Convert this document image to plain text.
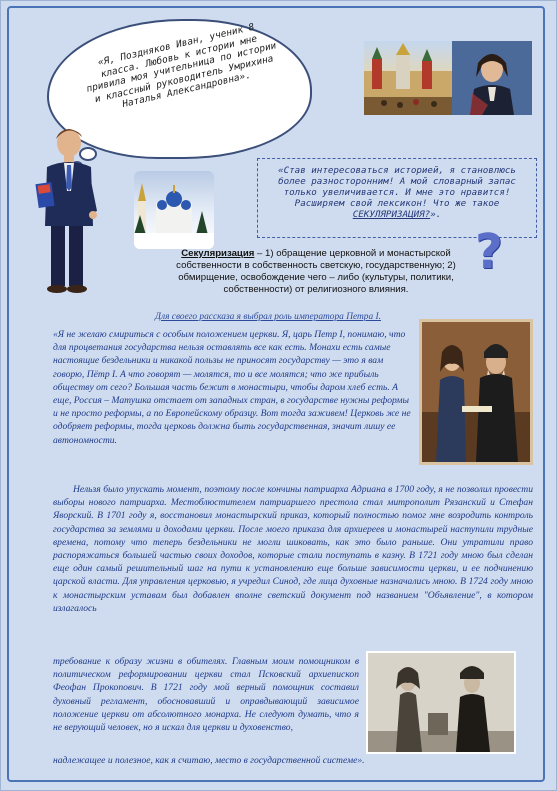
«Я, Поздняков Иван, ученик 8 класса. Любовь к истории мне привила моя учительница по истории и классный руководитель Умрихина Наталья Александровна».
«Став интересоваться историей, я становлюсь более разносторонним! А мой словарный запас только увеличивается. И мне это нравится! Расширяем свой лексикон! Что же такое СЕКУЛЯРИЗАЦИЯ?».
?
Секуляризация – 1) обращение церковной и монастырской собственности в собственность светскую, государственную; 2) обмирщение, освобождение чего – либо (культуры, политики, собственности) от религиозного влияния.
Для своего рассказа я выбрал роль императора Петра I.
«Я не желаю смириться с особым положением церкви. Я, царь Петр I, понимаю, что для процветания государства нельзя оставлять все как есть. Монахи есть самые настоящие бездельники и никакой пользы не приносят государству — это я вам говорю, Пётр I. А что говорят — молятся, то и все молятся; что же прибыль обществу от сего? Большая часть бежит в монастыри, чтобы даром хлеб есть. А еще, Россия – Матушка отстает от западных стран, в государстве нужны реформы и не просто реформы, а по Европейскому образцу. Вот тогда заживем! Церковь же не одобряет реформы, тогда церковь должна быть государственная, значит лишу ее автономности.
Нельзя было упускать момент, поэтому после кончины патриарха Адриана в 1700 году, я не позволил провести выборы нового патриарха. Местоблюстителем патриаршего престола стал митрополит Рязанский и Стефан Яворский. В 1701 году я, восстановил монастырский приказ, который полностью помог мне возродить контроль государства за землями и доходами церкви. После моего приказа для архиереев и монастырей наступили трудные времена, потому что теперь бездельники не могли шиковать, как это было раньше. Они утратили право распоряжаться большей частью своих доходов, которые стали поступать в казну. В 1721 году мною был сделан еще один самый решительный шаг на пути к установлению еще больше зависимости церкви, и ее подчинению царской власти. Для управления церковью, я учредил Синод, где лица духовные назначались мною. В 1724 году мною к монастырским уставам был добавлен вполне светский документ под названием "Объявление", в котором излагалось
требование к образу жизни в обителях. Главным моим помощником в политическом реформировании церкви стал Псковский архиепископ Феофан Прокопович. В 1721 году мой верный помощник составил духовный регламент, обосновавший и оправдывающий зависимое положение церкви от абсолютного монарха. Не следуют думать, что я не верующий человек, но я искал для церкви и духовенство,
надлежащее и полезное, как я считаю, место в государственной системе».
